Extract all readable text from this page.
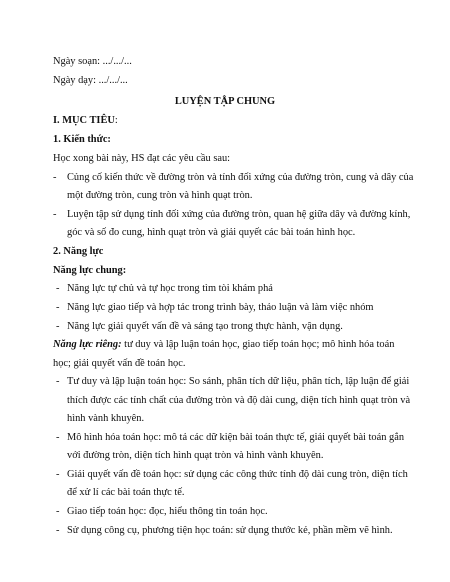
Ngày soạn: .../.../...
Ngày dạy: .../.../...
LUYỆN TẬP CHUNG
I. MỤC TIÊU:
1. Kiến thức:
Học xong bài này, HS đạt các yêu cầu sau:
- Củng cố kiến thức về đường tròn và tính đối xứng của đường tròn, cung và dây của
một đường tròn, cung tròn và hình quạt tròn.
- Luyện tập sử dụng tính đối xứng của đường tròn, quan hệ giữa dây và đường kính,
góc và số đo cung, hình quạt tròn và giải quyết các bài toán hình học.
2. Năng lực
Năng lực chung:
- Năng lực tự chủ và tự học trong tìm tòi khám phá
- Năng lực giao tiếp và hợp tác trong trình bày, thảo luận và làm việc nhóm
- Năng lực giải quyết vấn đề và sáng tạo trong thực hành, vận dụng.
Năng lực riêng: tư duy và lập luận toán học, giao tiếp toán học; mô hình hóa toán
học; giải quyết vấn đề toán học.
- Tư duy và lập luận toán học: So sánh, phân tích dữ liệu, phân tích, lập luận để giải
thích được các tính chất của đường tròn và độ dài cung, diện tích hình quạt tròn và
hình vành khuyên.
- Mô hình hóa toán học: mô tả các dữ kiện bài toán thực tế, giải quyết bài toán gắn
với đường tròn, diện tích hình quạt tròn và hình vành khuyên.
- Giải quyết vấn đề toán học: sử dụng các công thức tính độ dài cung tròn, diện tích
để xử lí các bài toán thực tế.
- Giao tiếp toán học: đọc, hiểu thông tin toán học.
- Sử dụng công cụ, phương tiện học toán: sử dụng thước kẻ, phần mềm vẽ hình.
